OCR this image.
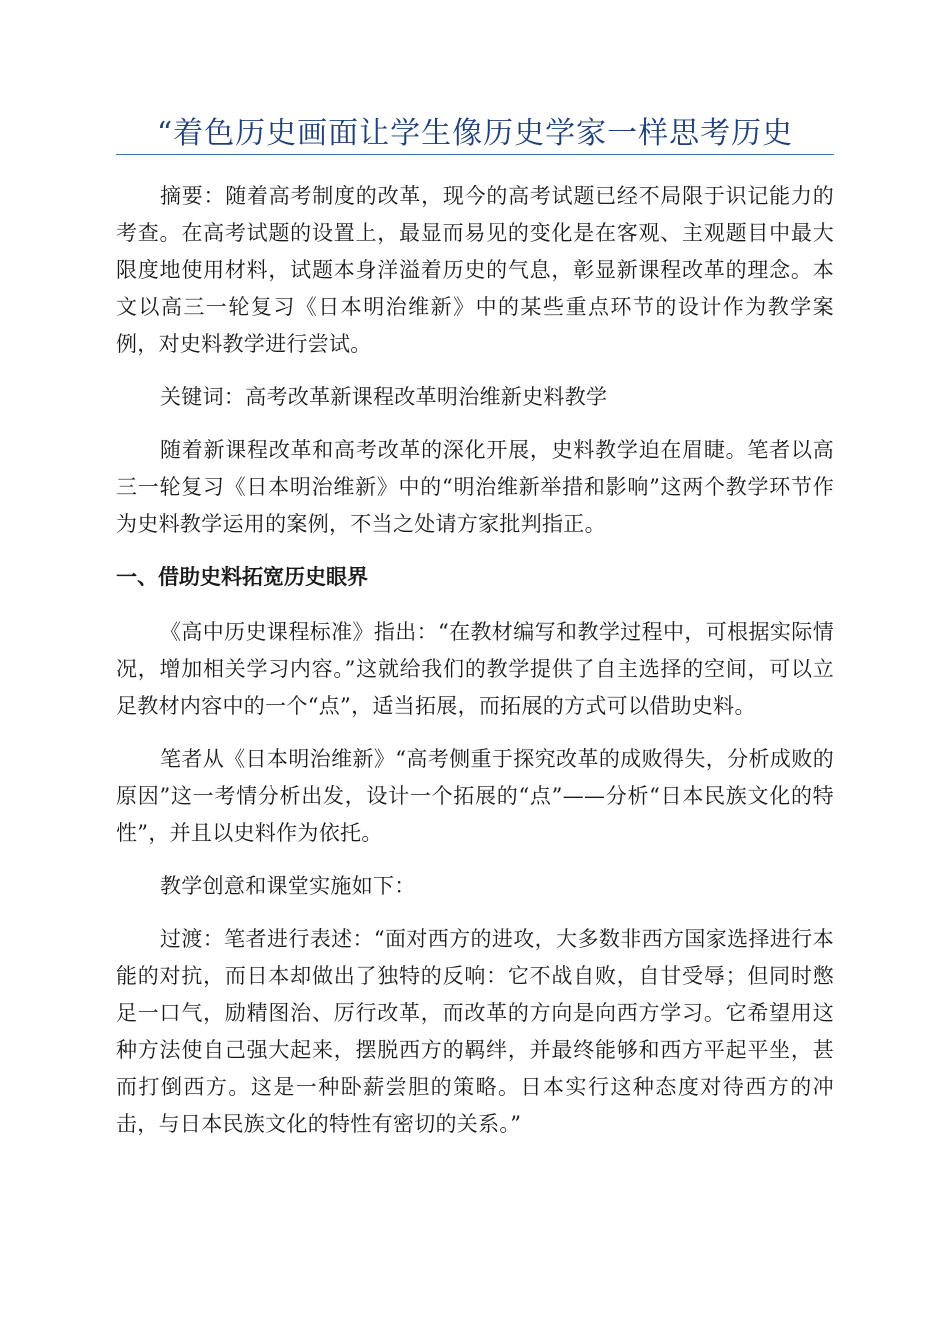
“着色历史画面让学生像历史学家一样思考历史

摘要：随着高考制度的改革，现今的高考试题已经不局限于识记能力的考查。在高考试题的设置上，最显而易见的变化是在客观、主观题目中最大限度地使用材料，试题本身洋溢着历史的气息，彰显新课程改革的理念。本文以高三一轮复习《日本明治维新》中的某些重点环节的设计作为教学案例，对史料教学进行尝试。

关键词：高考改革新课程改革明治维新史料教学

随着新课程改革和高考改革的深化开展，史料教学迫在眉睫。笔者以高三一轮复习《日本明治维新》中的“明治维新举措和影响”这两个教学环节作为史料教学运用的案例，不当之处请方家批判指正。

一、借助史料拓宽历史眼界

《高中历史课程标准》指出：“在教材编写和教学过程中，可根据实际情况，增加相关学习内容。”这就给我们的教学提供了自主选择的空间，可以立足教材内容中的一个“点”，适当拓展，而拓展的方式可以借助史料。

笔者从《日本明治维新》“高考侧重于探究改革的成败得失，分析成败的原因”这一考情分析出发，设计一个拓展的“点”——分析“日本民族文化的特性”，并且以史料作为依托。

教学创意和课堂实施如下：

过渡：笔者进行表述：“面对西方的进攻，大多数非西方国家选择进行本能的对抗，而日本却做出了独特的反响：它不战自败，自甘受辱；但同时憋足一口气，励精图治、厉行改革，而改革的方向是向西方学习。它希望用这种方法使自己强大起来，摆脱西方的羁绊，并最终能够和西方平起平坐，甚而打倒西方。这是一种卧薪尝胆的策略。日本实行这种态度对待西方的冲击，与日本民族文化的特性有密切的关系。”
